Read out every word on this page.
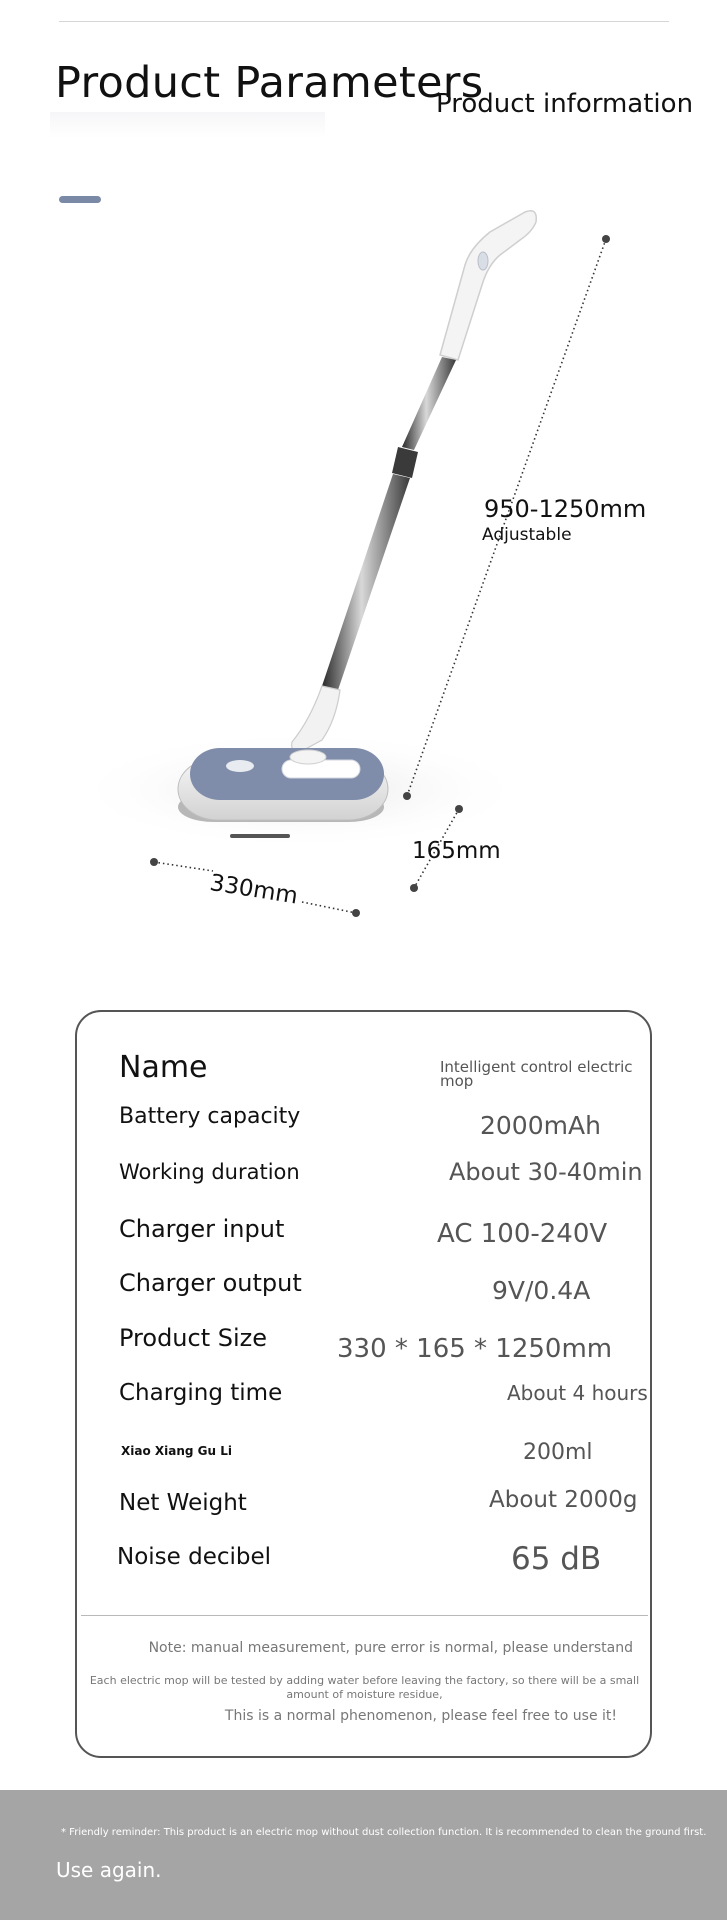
Product Parameters
Product information
950-1250mm
Adjustable
165mm
330mm
Name	Intelligent control electric mop
Battery capacity	2000mAh
Working duration	About 30-40min
Charger input	AC 100-240V
Charger output	9V/0.4A
Product Size	330 * 165 * 1250mm
Charging time	About 4 hours
Xiao Xiang Gu Li	200ml
Net Weight	About 2000g
Noise decibel	65 dB
Note: manual measurement, pure error is normal, please understand
Each electric mop will be tested by adding water before leaving the factory, so there will be a small amount of moisture residue,
This is a normal phenomenon, please feel free to use it!
* Friendly reminder: This product is an electric mop without dust collection function. It is recommended to clean the ground first.
Use again.
